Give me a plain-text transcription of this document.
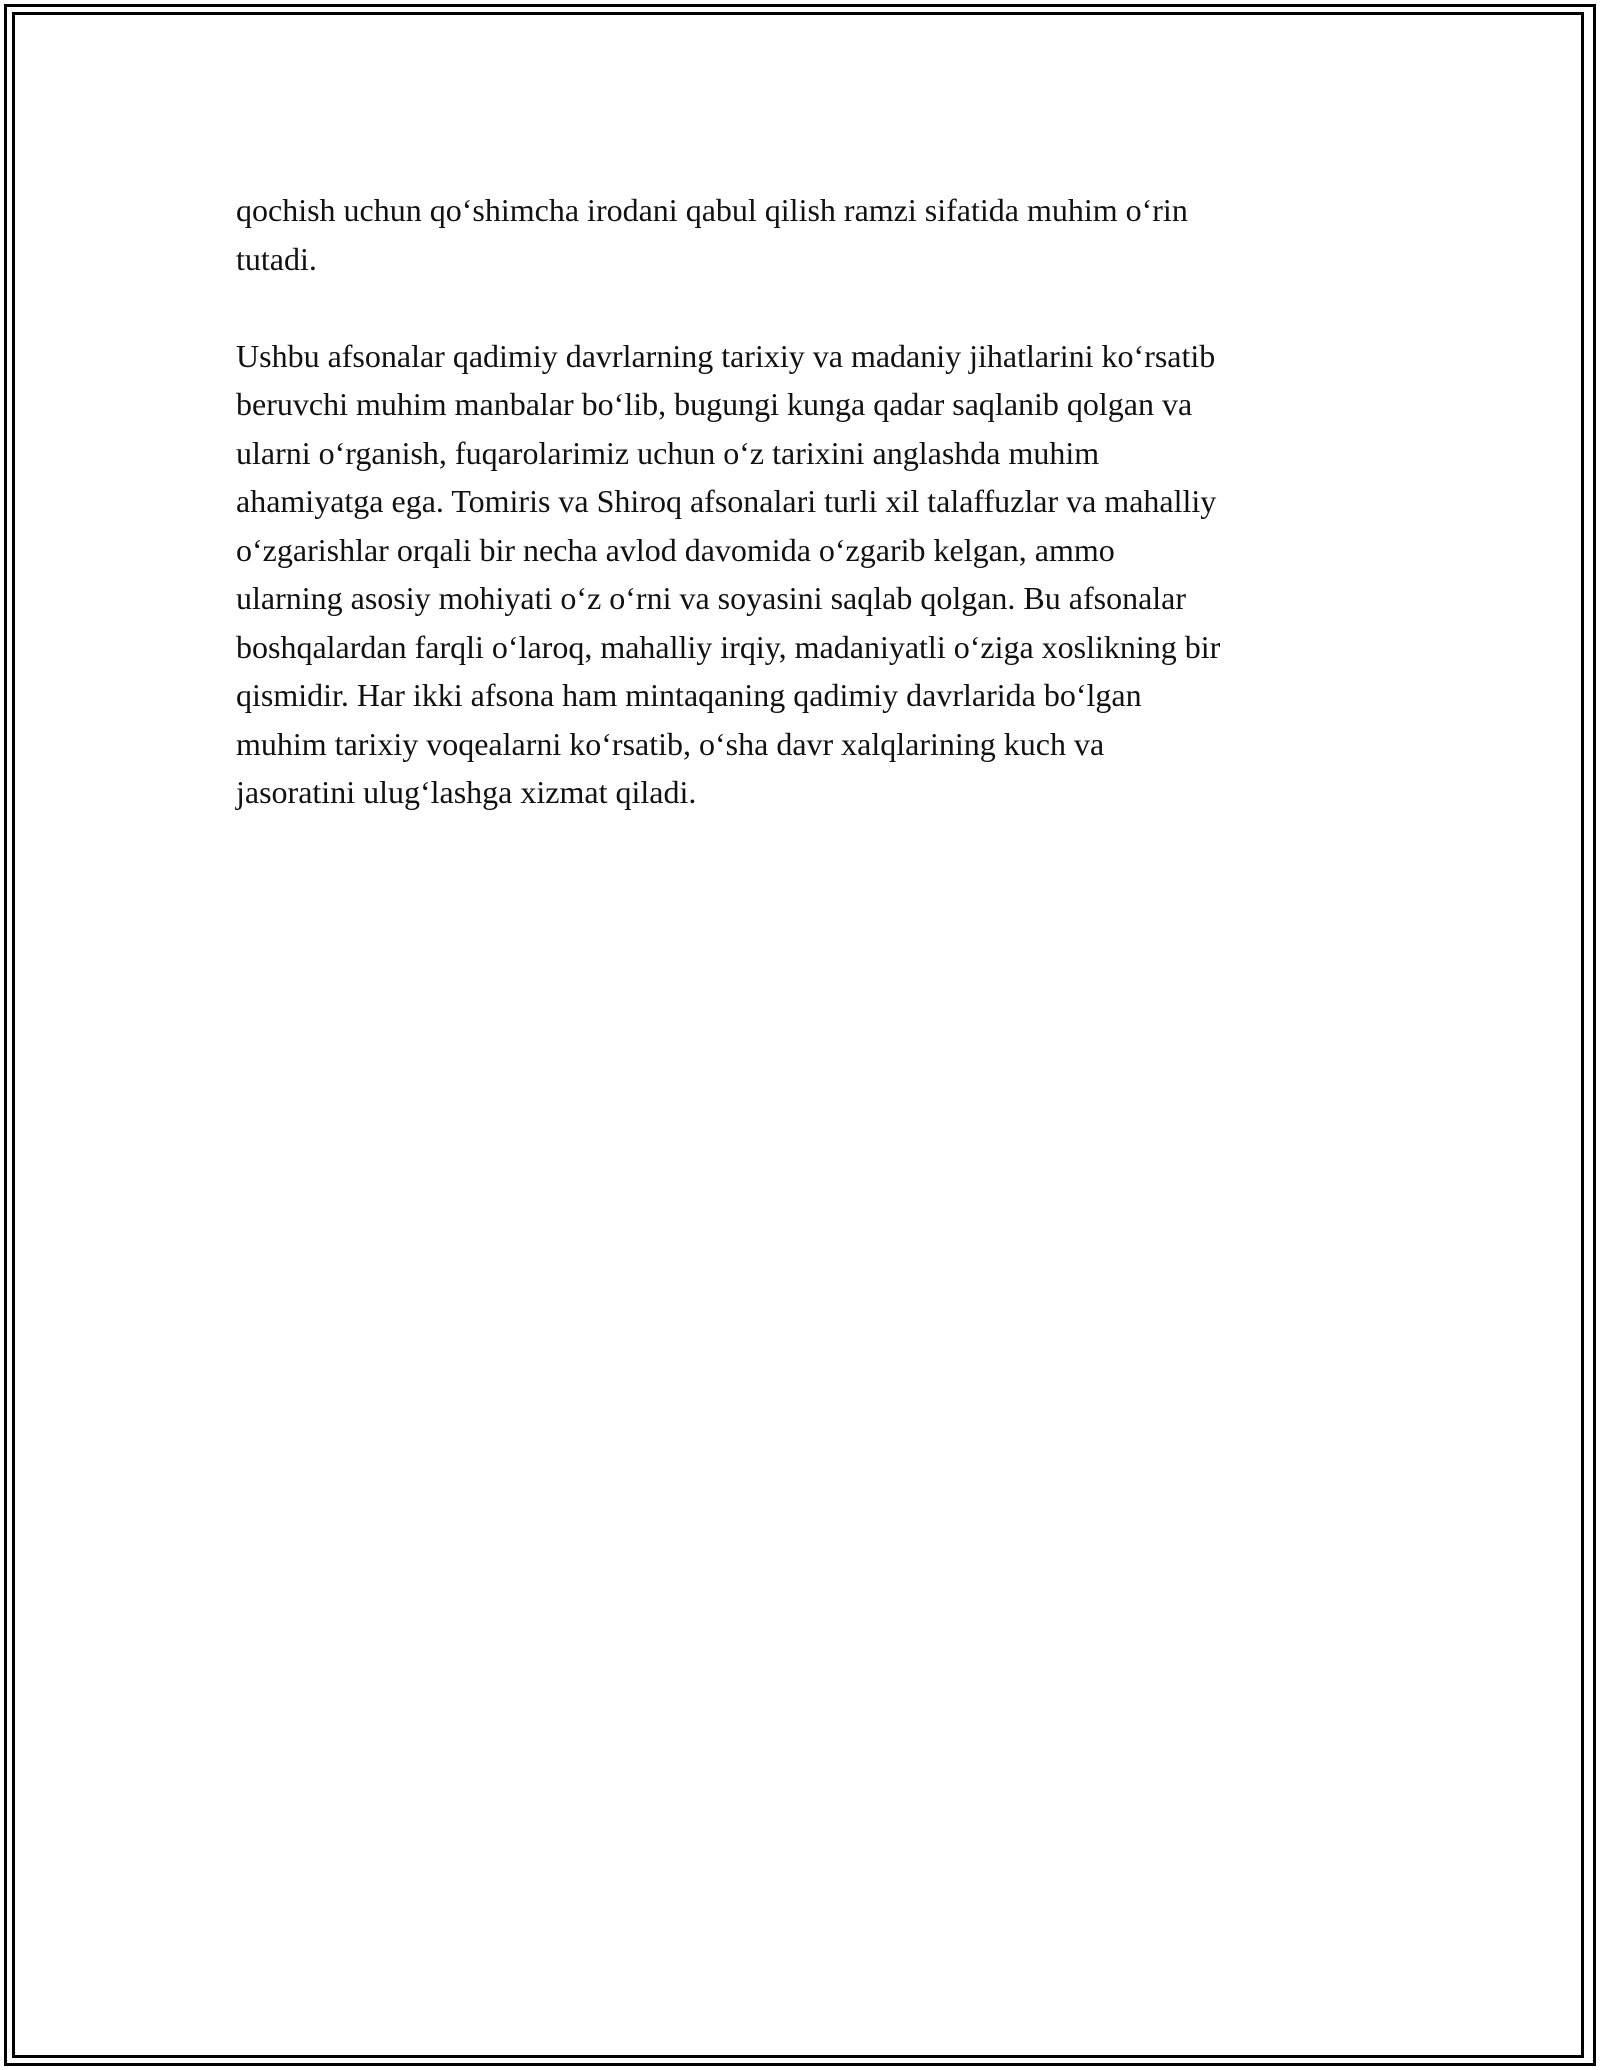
qochish uchun qo‘shimcha irodani qabul qilish ramzi sifatida muhim o‘rin
tutadi.

Ushbu afsonalar qadimiy davrlarning tarixiy va madaniy jihatlarini ko‘rsatib
beruvchi muhim manbalar bo‘lib, bugungi kunga qadar saqlanib qolgan va
ularni o‘rganish, fuqarolarimiz uchun o‘z tarixini anglashda muhim
ahamiyatga ega. Tomiris va Shiroq afsonalari turli xil talaffuzlar va mahalliy
o‘zgarishlar orqali bir necha avlod davomida o‘zgarib kelgan, ammo
ularning asosiy mohiyati o‘z o‘rni va soyasini saqlab qolgan. Bu afsonalar
boshqalardan farqli o‘laroq, mahalliy irqiy, madaniyatli o‘ziga xoslikning bir
qismidir. Har ikki afsona ham mintaqaning qadimiy davrlarida bo‘lgan
muhim tarixiy voqealarni ko‘rsatib, o‘sha davr xalqlarining kuch va
jasoratini ulug‘lashga xizmat qiladi.
